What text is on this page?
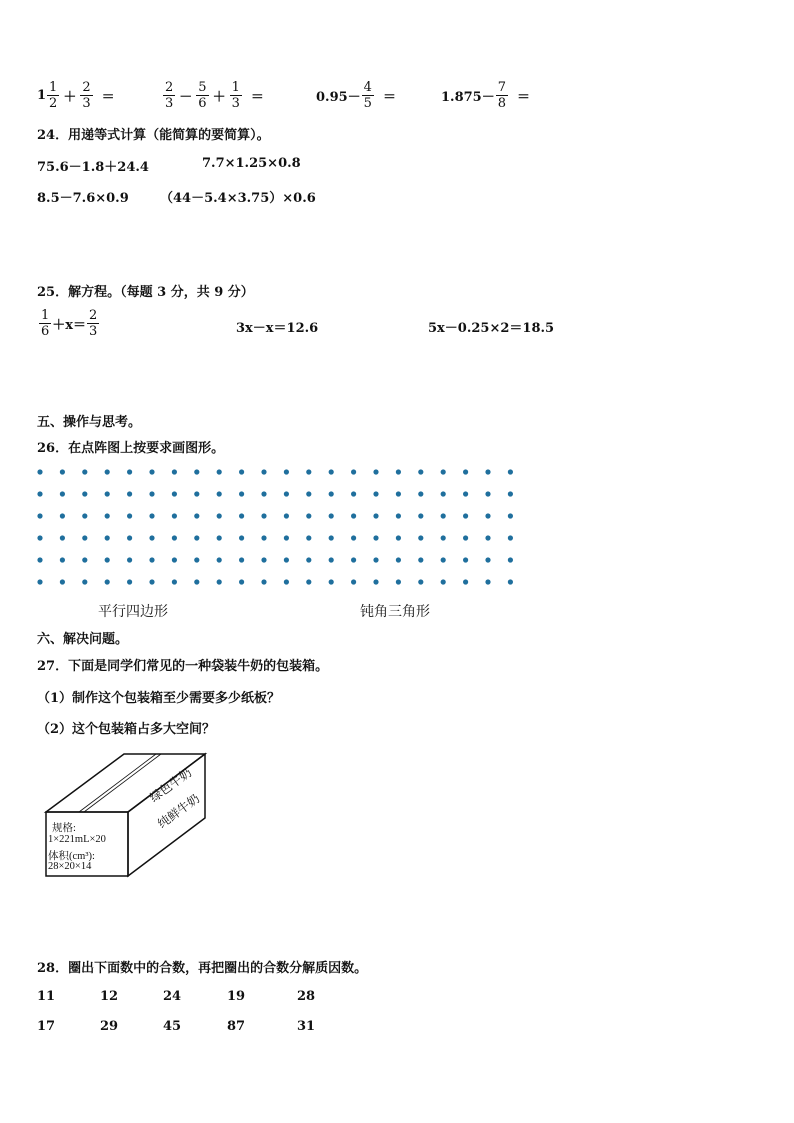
$1 \frac{1}{2} + \frac{2}{3}$ ＝	$\frac{2}{3} - \frac{5}{6} + \frac{1}{3}$ ＝	$0.95- \frac{4}{5}$ ＝	$1.875- \frac{7}{8}$ ＝
24．用递等式计算（能简算的要简算）。
75.6－1.8＋24.4	7.7×1.25×0.8
8.5－7.6×0.9 （44－5.4×3.75）×0.6
25．解方程。（每题 3 分，共 9 分）
$\frac{1}{6} +x= \frac{2}{3}$	3x－x＝12.6	5x－0.25×2＝18.5
五、操作与思考。
26．在点阵图上按要求画图形。
平行四边形	钝角三角形
六、解决问题。
27．下面是同学们常见的一种袋装牛奶的包装箱。
（1）制作这个包装箱至少需要多少纸板？
（2）这个包装箱占多大空间？
规格:
1×221mL×20
体积(cm³):
28×20×14
绿色牛奶
纯鲜牛奶
28．圈出下面数中的合数，再把圈出的合数分解质因数。
11	12	24	19	28
17	29	45	87	31
